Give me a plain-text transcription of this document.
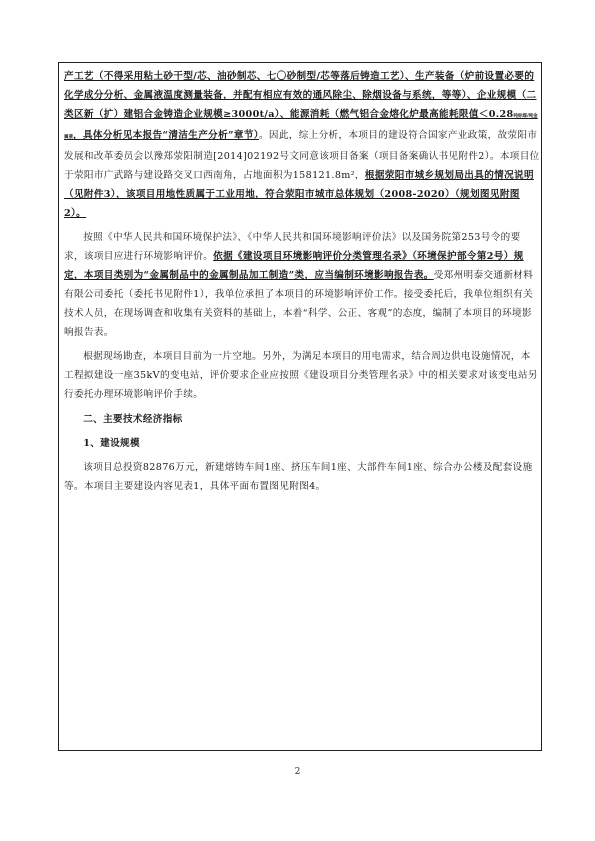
产工艺（不得采用粘土砂干型/芯、油砂制芯、七〇砂制型/芯等落后铸造工艺）、生产装备（炉前设置必要的化学成分分析、金属液温度测量装备，并配有相应有效的通风除尘、除烟设备与系统，等等）、企业规模（二类区新（扩）建铝合金铸造企业规模≥3000t/a）、能源消耗（燃气铝合金熔化炉最高能耗限值＜0.28吨标煤/吨金属液，具体分析见本报告“清洁生产分析”章节）。因此，综上分析，本项目的建设符合国家产业政策，故荥阳市发展和改革委员会以豫郑荥阳制造[2014]02192号文同意该项目备案（项目备案确认书见附件2）。本项目位于荥阳市广武路与建设路交叉口西南角，占地面积为158121.8m²，根据荥阳市城乡规划局出具的情况说明（见附件3），该项目用地性质属于工业用地，符合荥阳市城市总体规划（2008-2020）（规划图见附图2）。

按照《中华人民共和国环境保护法》、《中华人民共和国环境影响评价法》以及国务院第253号令的要求，该项目应进行环境影响评价。依据《建设项目环境影响评价分类管理名录》（环境保护部令第2号）规定，本项目类别为“金属制品中的金属制品加工制造”类，应当编制环境影响报告表。受郑州明泰交通新材料有限公司委托（委托书见附件1），我单位承担了本项目的环境影响评价工作。接受委托后，我单位组织有关技术人员，在现场调查和收集有关资料的基础上，本着“科学、公正、客观”的态度，编制了本项目的环境影响报告表。

根据现场勘查，本项目目前为一片空地。另外，为满足本项目的用电需求，结合周边供电设施情况，本工程拟建设一座35kV的变电站，评价要求企业应按照《建设项目分类管理名录》中的相关要求对该变电站另行委托办理环境影响评价手续。

二、主要技术经济指标

1、建设规模

该项目总投资82876万元，新建熔铸车间1座、挤压车间1座、大部件车间1座、综合办公楼及配套设施等。本项目主要建设内容见表1，具体平面布置图见附图4。

2
